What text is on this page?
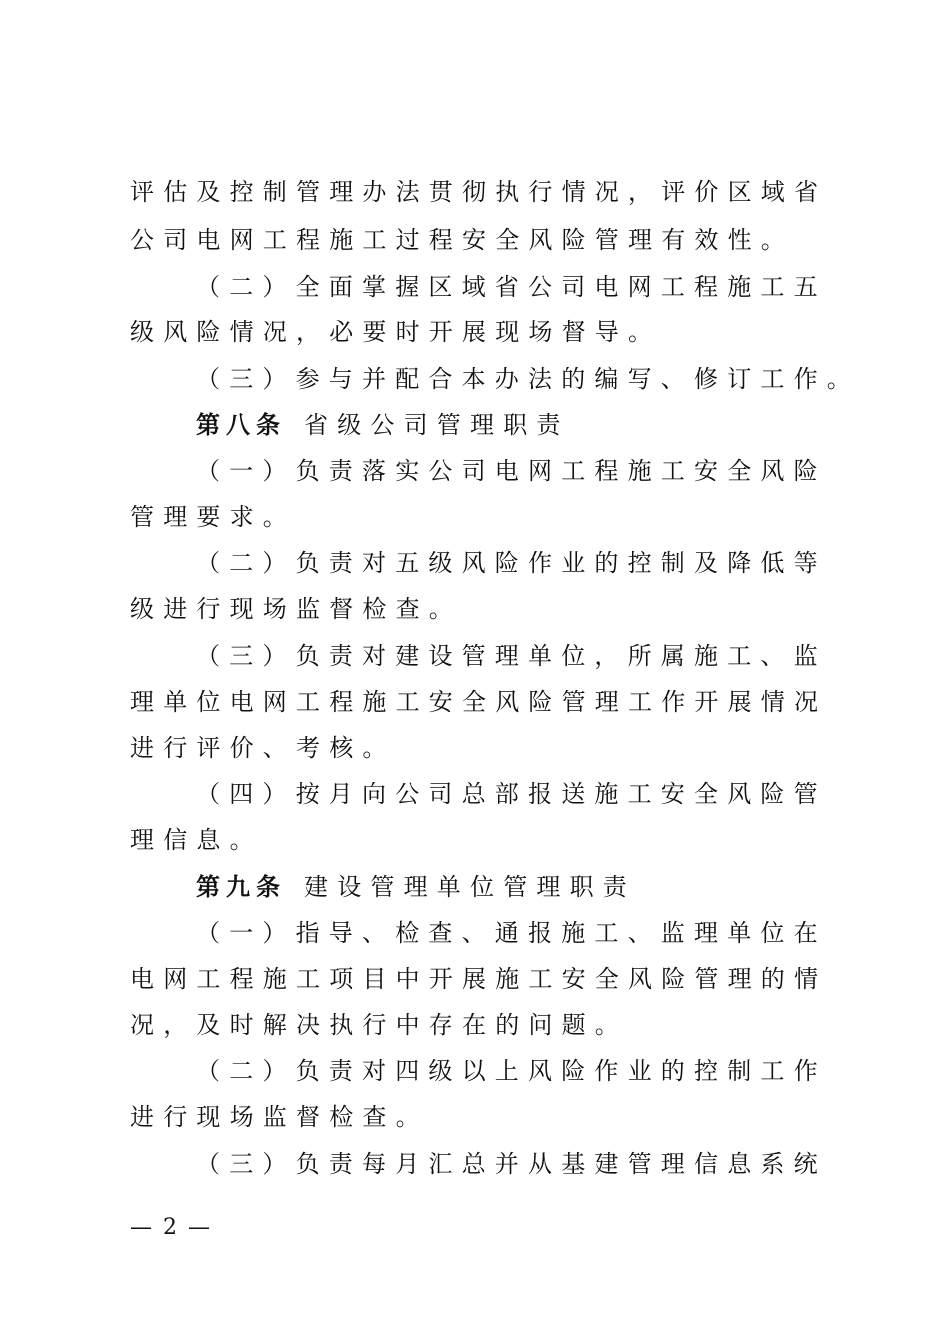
评估及控制管理办法贯彻执行情况，评价区域省
公司电网工程施工过程安全风险管理有效性。
（二）全面掌握区域省公司电网工程施工五
级风险情况，必要时开展现场督导。
（三）参与并配合本办法的编写、修订工作。
第八条 省级公司管理职责
（一）负责落实公司电网工程施工安全风险
管理要求。
（二）负责对五级风险作业的控制及降低等
级进行现场监督检查。
（三）负责对建设管理单位，所属施工、监
理单位电网工程施工安全风险管理工作开展情况
进行评价、考核。
（四）按月向公司总部报送施工安全风险管
理信息。
第九条 建设管理单位管理职责
（一）指导、检查、通报施工、监理单位在
电网工程施工项目中开展施工安全风险管理的情
况，及时解决执行中存在的问题。
（二）负责对四级以上风险作业的控制工作
进行现场监督检查。
（三）负责每月汇总并从基建管理信息系统
— 2 —
